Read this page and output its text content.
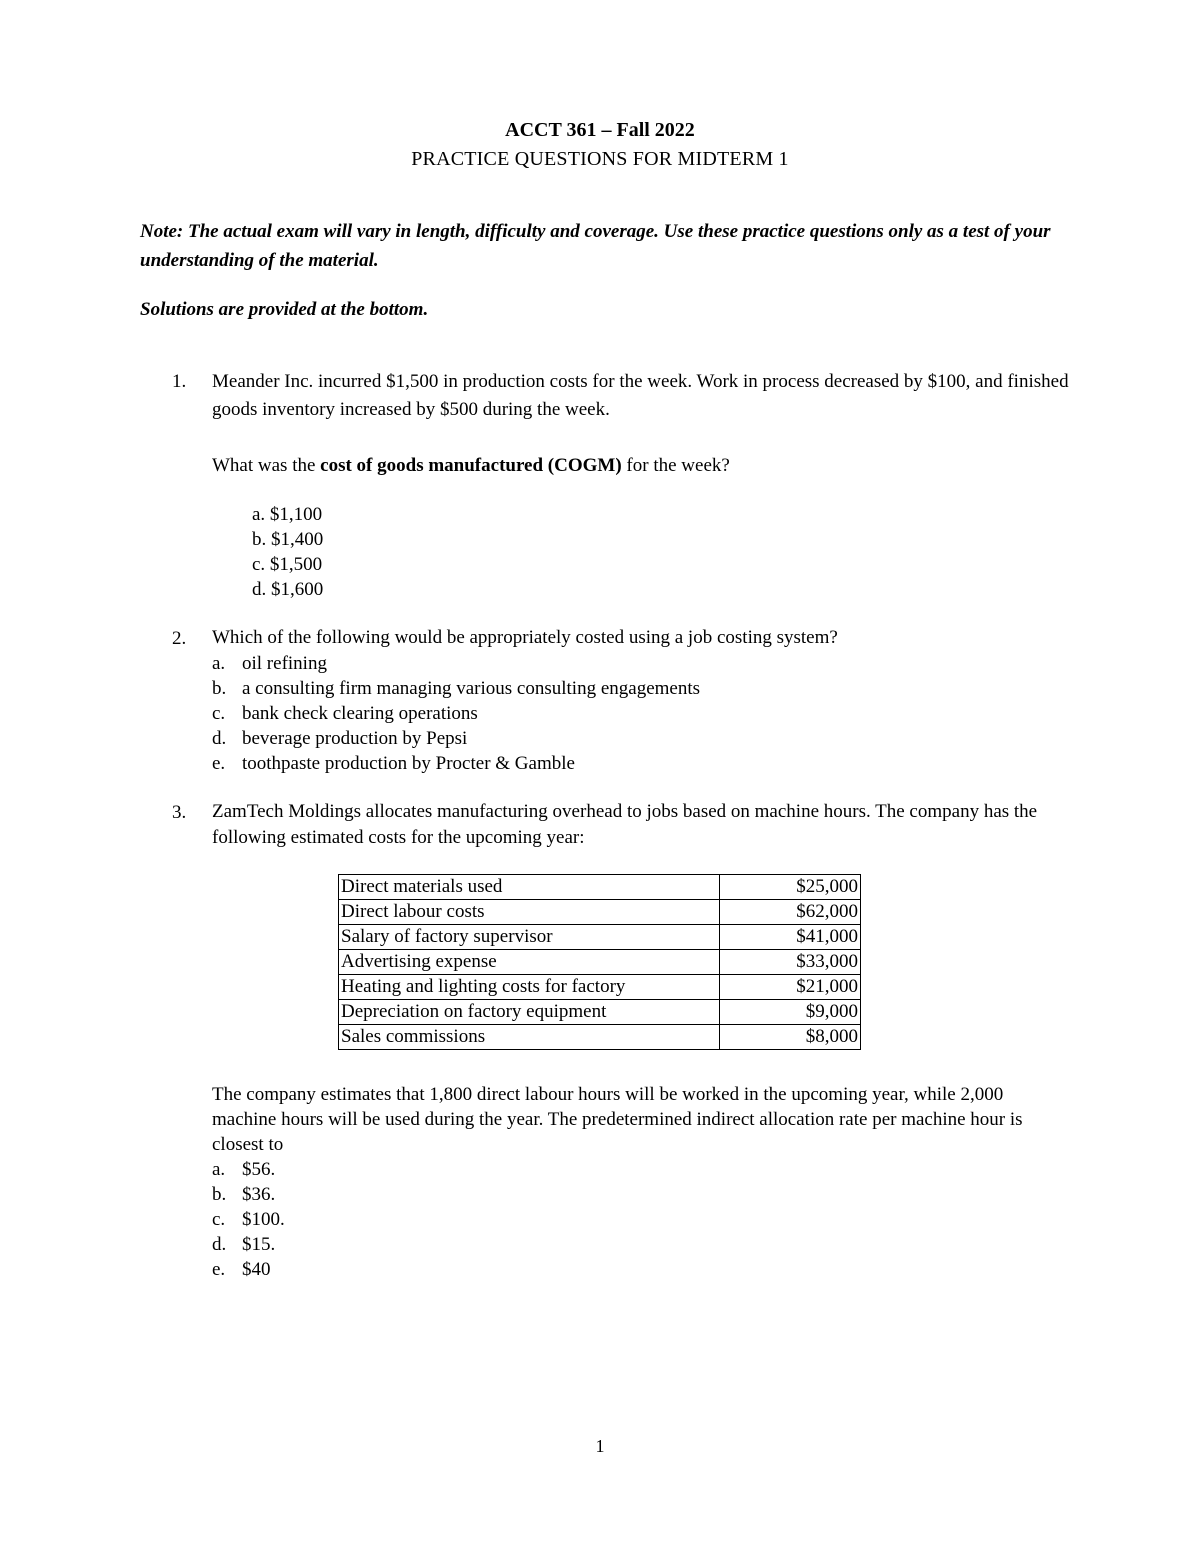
ACCT 361 – Fall 2022
PRACTICE QUESTIONS FOR MIDTERM 1
Note: The actual exam will vary in length, difficulty and coverage. Use these practice questions only as a test of your understanding of the material.
Solutions are provided at the bottom.
1. Meander Inc. incurred $1,500 in production costs for the week. Work in process decreased by $100, and finished goods inventory increased by $500 during the week.
What was the cost of goods manufactured (COGM) for the week?
a. $1,100
b. $1,400
c. $1,500
d. $1,600
2. Which of the following would be appropriately costed using a job costing system?
a. oil refining
b. a consulting firm managing various consulting engagements
c. bank check clearing operations
d. beverage production by Pepsi
e. toothpaste production by Procter & Gamble
3. ZamTech Moldings allocates manufacturing overhead to jobs based on machine hours. The company has the following estimated costs for the upcoming year:
Direct materials used	$25,000
Direct labour costs	$62,000
Salary of factory supervisor	$41,000
Advertising expense	$33,000
Heating and lighting costs for factory	$21,000
Depreciation on factory equipment	$9,000
Sales commissions	$8,000
The company estimates that 1,800 direct labour hours will be worked in the upcoming year, while 2,000 machine hours will be used during the year. The predetermined indirect allocation rate per machine hour is closest to
a. $56.
b. $36.
c. $100.
d. $15.
e. $40
1
